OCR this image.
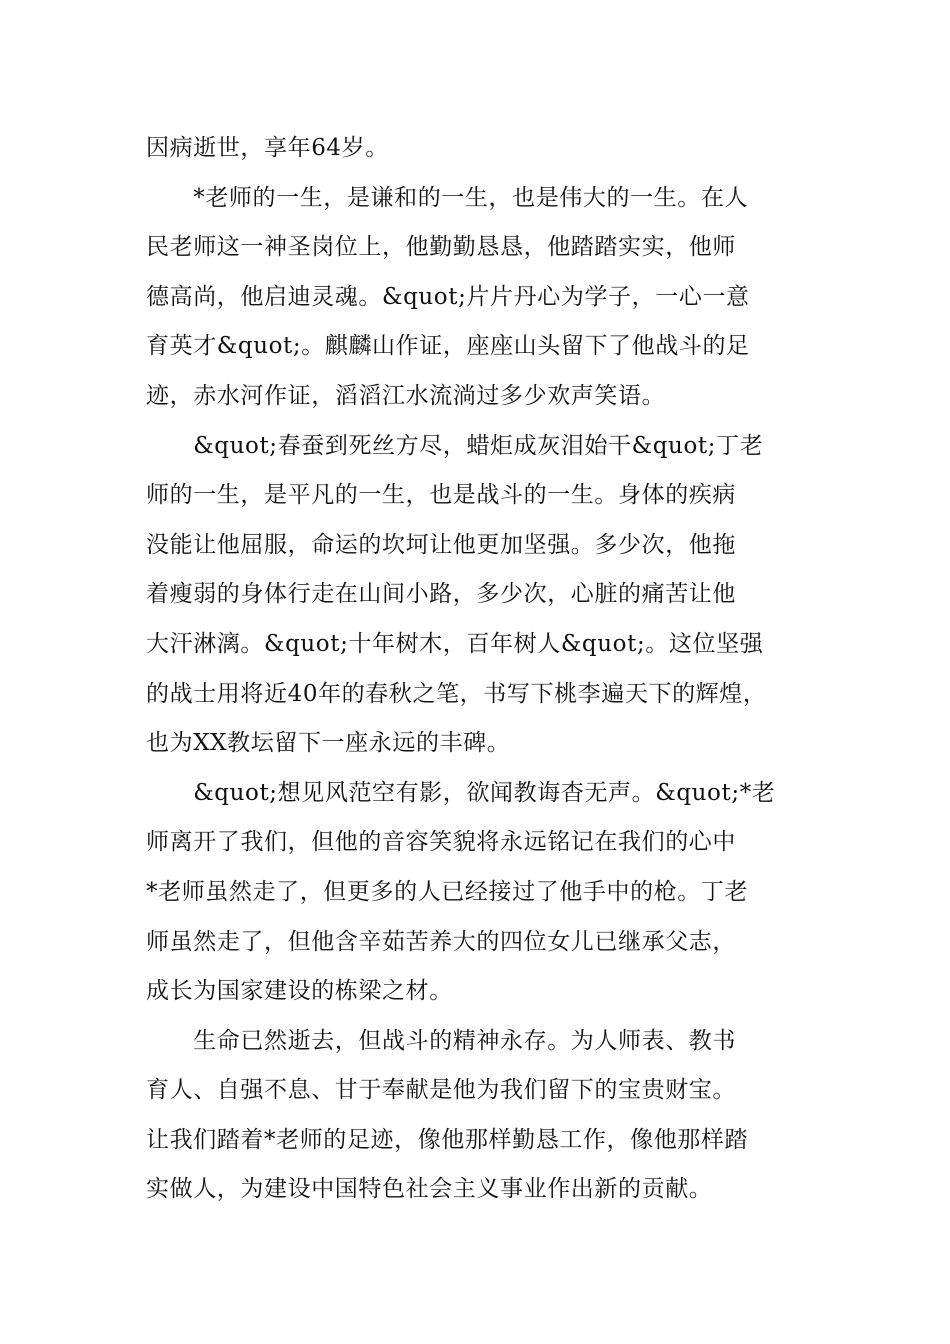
因病逝世，享年64岁。
　　*老师的一生，是谦和的一生，也是伟大的一生。在人
民老师这一神圣岗位上，他勤勤恳恳，他踏踏实实，他师
德高尚，他启迪灵魂。&quot;片片丹心为学子，一心一意
育英才&quot;。麒麟山作证，座座山头留下了他战斗的足
迹，赤水河作证，滔滔江水流淌过多少欢声笑语。
　　&quot;春蚕到死丝方尽，蜡炬成灰泪始干&quot;丁老
师的一生，是平凡的一生，也是战斗的一生。身体的疾病
没能让他屈服，命运的坎坷让他更加坚强。多少次，他拖
着瘦弱的身体行走在山间小路，多少次，心脏的痛苦让他
大汗淋漓。&quot;十年树木，百年树人&quot;。这位坚强
的战士用将近40年的春秋之笔，书写下桃李遍天下的辉煌，
也为XX教坛留下一座永远的丰碑。
　　&quot;想见风范空有影，欲闻教诲杳无声。&quot;*老
师离开了我们，但他的音容笑貌将永远铭记在我们的心中
*老师虽然走了，但更多的人已经接过了他手中的枪。丁老
师虽然走了，但他含辛茹苦养大的四位女儿已继承父志，
成长为国家建设的栋梁之材。
　　生命已然逝去，但战斗的精神永存。为人师表、教书
育人、自强不息、甘于奉献是他为我们留下的宝贵财宝。
让我们踏着*老师的足迹，像他那样勤恳工作，像他那样踏
实做人，为建设中国特色社会主义事业作出新的贡献。
